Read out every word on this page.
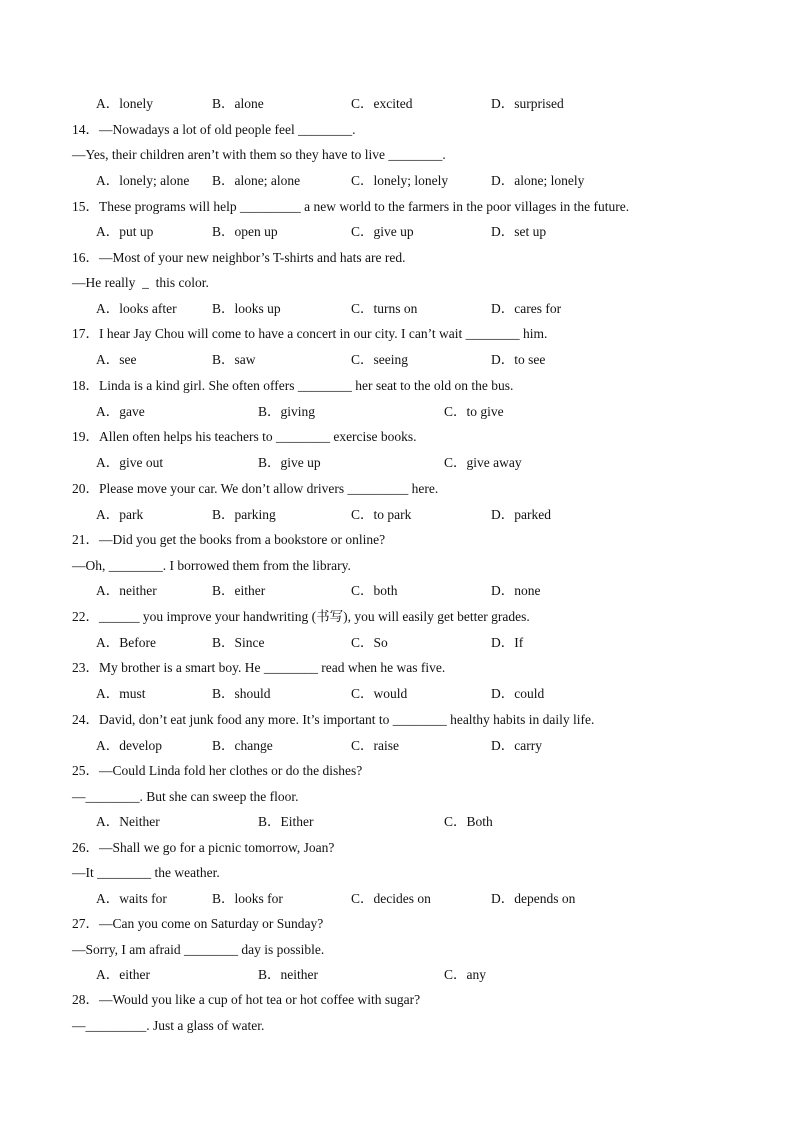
A．lonely	B．alone	C．excited	D．surprised
14．—Nowadays a lot of old people feel ________.
—Yes, their children aren’t with them so they have to live ________.
A．lonely; alone B．alone; alone	C．lonely; lonely	D．alone; lonely
15．These programs will help _________ a new world to the farmers in the poor villages in the future.
A．put up	B．open up	C．give up	D．set up
16．—Most of your new neighbor’s T-shirts and hats are red.
—He really  _  this color.
A．looks after	B．looks up	C．turns on	D．cares for
17．I hear Jay Chou will come to have a concert in our city. I can’t wait ________ him.
A．see	B．saw	C．seeing	D．to see
18．Linda is a kind girl. She often offers ________ her seat to the old on the bus.
A．gave	B．giving	C．to give
19．Allen often helps his teachers to ________ exercise books.
A．give out	B．give up	C．give away
20．Please move your car. We don’t allow drivers _________ here.
A．park	B．parking	C．to park	D．parked
21．—Did you get the books from a bookstore or online?
—Oh, ________. I borrowed them from the library.
A．neither	B．either	C．both	D．none
22．______ you improve your handwriting (书写), you will easily get better grades.
A．Before	B．Since	C．So	D．If
23．My brother is a smart boy. He ________ read when he was five.
A．must	B．should	C．would	D．could
24．David, don’t eat junk food any more. It’s important to ________ healthy habits in daily life.
A．develop	B．change	C．raise	D．carry
25．—Could Linda fold her clothes or do the dishes?
—________. But she can sweep the floor.
A．Neither	B．Either	C．Both
26．—Shall we go for a picnic tomorrow, Joan?
—It ________ the weather.
A．waits for	B．looks for	C．decides on	D．depends on
27．—Can you come on Saturday or Sunday?
—Sorry, I am afraid ________ day is possible.
A．either	B．neither	C．any
28．—Would you like a cup of hot tea or hot coffee with sugar?
—_________. Just a glass of water.
